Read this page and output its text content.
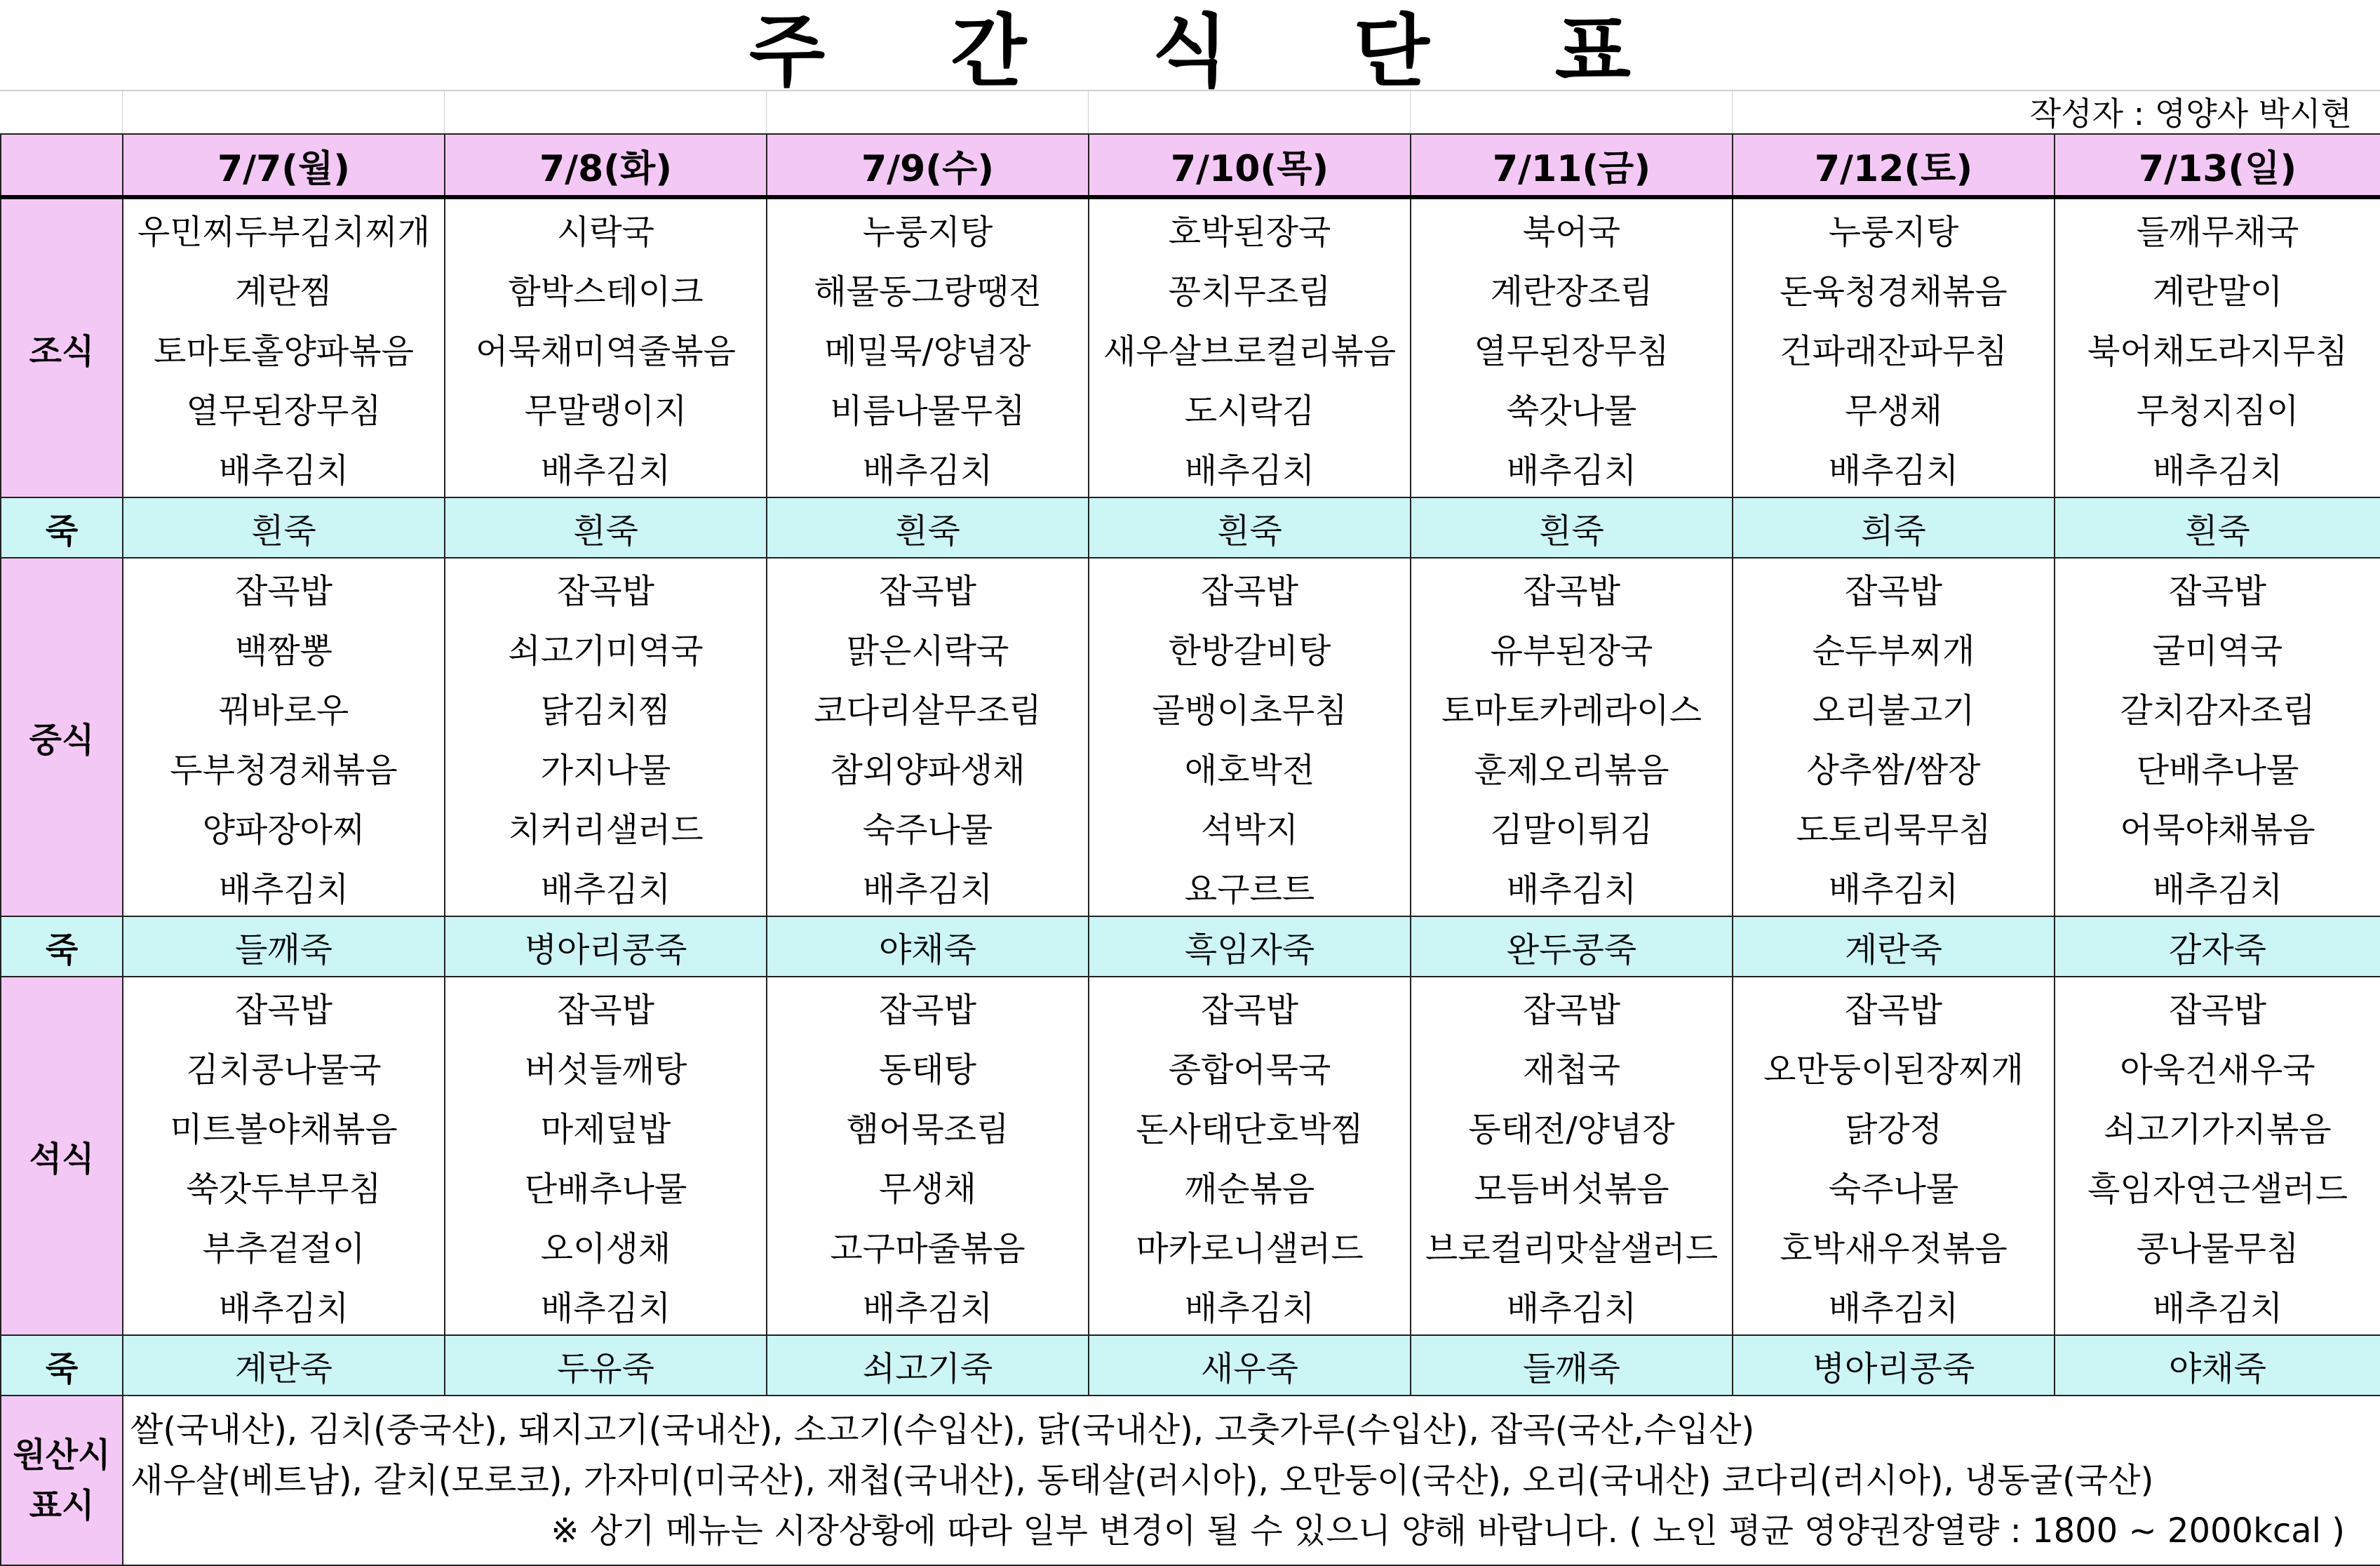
주 간 식 단 표
작성자 : 영양사 박시현
	7/7(월)	7/8(화)	7/9(수)	7/10(목)	7/11(금)	7/12(토)	7/13(일)
조식	우민찌두부김치찌개	시락국	누룽지탕	호박된장국	북어국	누룽지탕	들깨무채국
	계란찜	함박스테이크	해물동그랑땡전	꽁치무조림	계란장조림	돈육청경채볶음	계란말이
	토마토홀양파볶음	어묵채미역줄볶음	메밀묵/양념장	새우살브로컬리볶음	열무된장무침	건파래잔파무침	북어채도라지무침
	열무된장무침	무말랭이지	비름나물무침	도시락김	쑥갓나물	무생채	무청지짐이
	배추김치	배추김치	배추김치	배추김치	배추김치	배추김치	배추김치
죽	흰죽	흰죽	흰죽	흰죽	흰죽	희죽	흰죽
중식	잡곡밥	잡곡밥	잡곡밥	잡곡밥	잡곡밥	잡곡밥	잡곡밥
	백짬뽕	쇠고기미역국	맑은시락국	한방갈비탕	유부된장국	순두부찌개	굴미역국
	꿔바로우	닭김치찜	코다리살무조림	골뱅이초무침	토마토카레라이스	오리불고기	갈치감자조림
	두부청경채볶음	가지나물	참외양파생채	애호박전	훈제오리볶음	상추쌈/쌈장	단배추나물
	양파장아찌	치커리샐러드	숙주나물	석박지	김말이튀김	도토리묵무침	어묵야채볶음
	배추김치	배추김치	배추김치	요구르트	배추김치	배추김치	배추김치
죽	들깨죽	병아리콩죽	야채죽	흑임자죽	완두콩죽	계란죽	감자죽
석식	잡곡밥	잡곡밥	잡곡밥	잡곡밥	잡곡밥	잡곡밥	잡곡밥
	김치콩나물국	버섯들깨탕	동태탕	종합어묵국	재첩국	오만둥이된장찌개	아욱건새우국
	미트볼야채볶음	마제덮밥	햄어묵조림	돈사태단호박찜	동태전/양념장	닭강정	쇠고기가지볶음
	쑥갓두부무침	단배추나물	무생채	깨순볶음	모듬버섯볶음	숙주나물	흑임자연근샐러드
	부추겉절이	오이생채	고구마줄볶음	마카로니샐러드	브로컬리맛살샐러드	호박새우젓볶음	콩나물무침
	배추김치	배추김치	배추김치	배추김치	배추김치	배추김치	배추김치
죽	계란죽	두유죽	쇠고기죽	새우죽	들깨죽	병아리콩죽	야채죽
원산시
표시	쌀(국내산), 김치(중국산), 돼지고기(국내산), 소고기(수입산), 닭(국내산), 고춧가루(수입산), 잡곡(국산,수입산)
새우살(베트남), 갈치(모로코), 가자미(미국산), 재첩(국내산), 동태살(러시아), 오만둥이(국산), 오리(국내산) 코다리(러시아), 냉동굴(국산)
※ 상기 메뉴는 시장상황에 따라 일부 변경이 될 수 있으니 양해 바랍니다. ( 노인 평균 영양권장열량 : 1800 ~ 2000kcal )						
